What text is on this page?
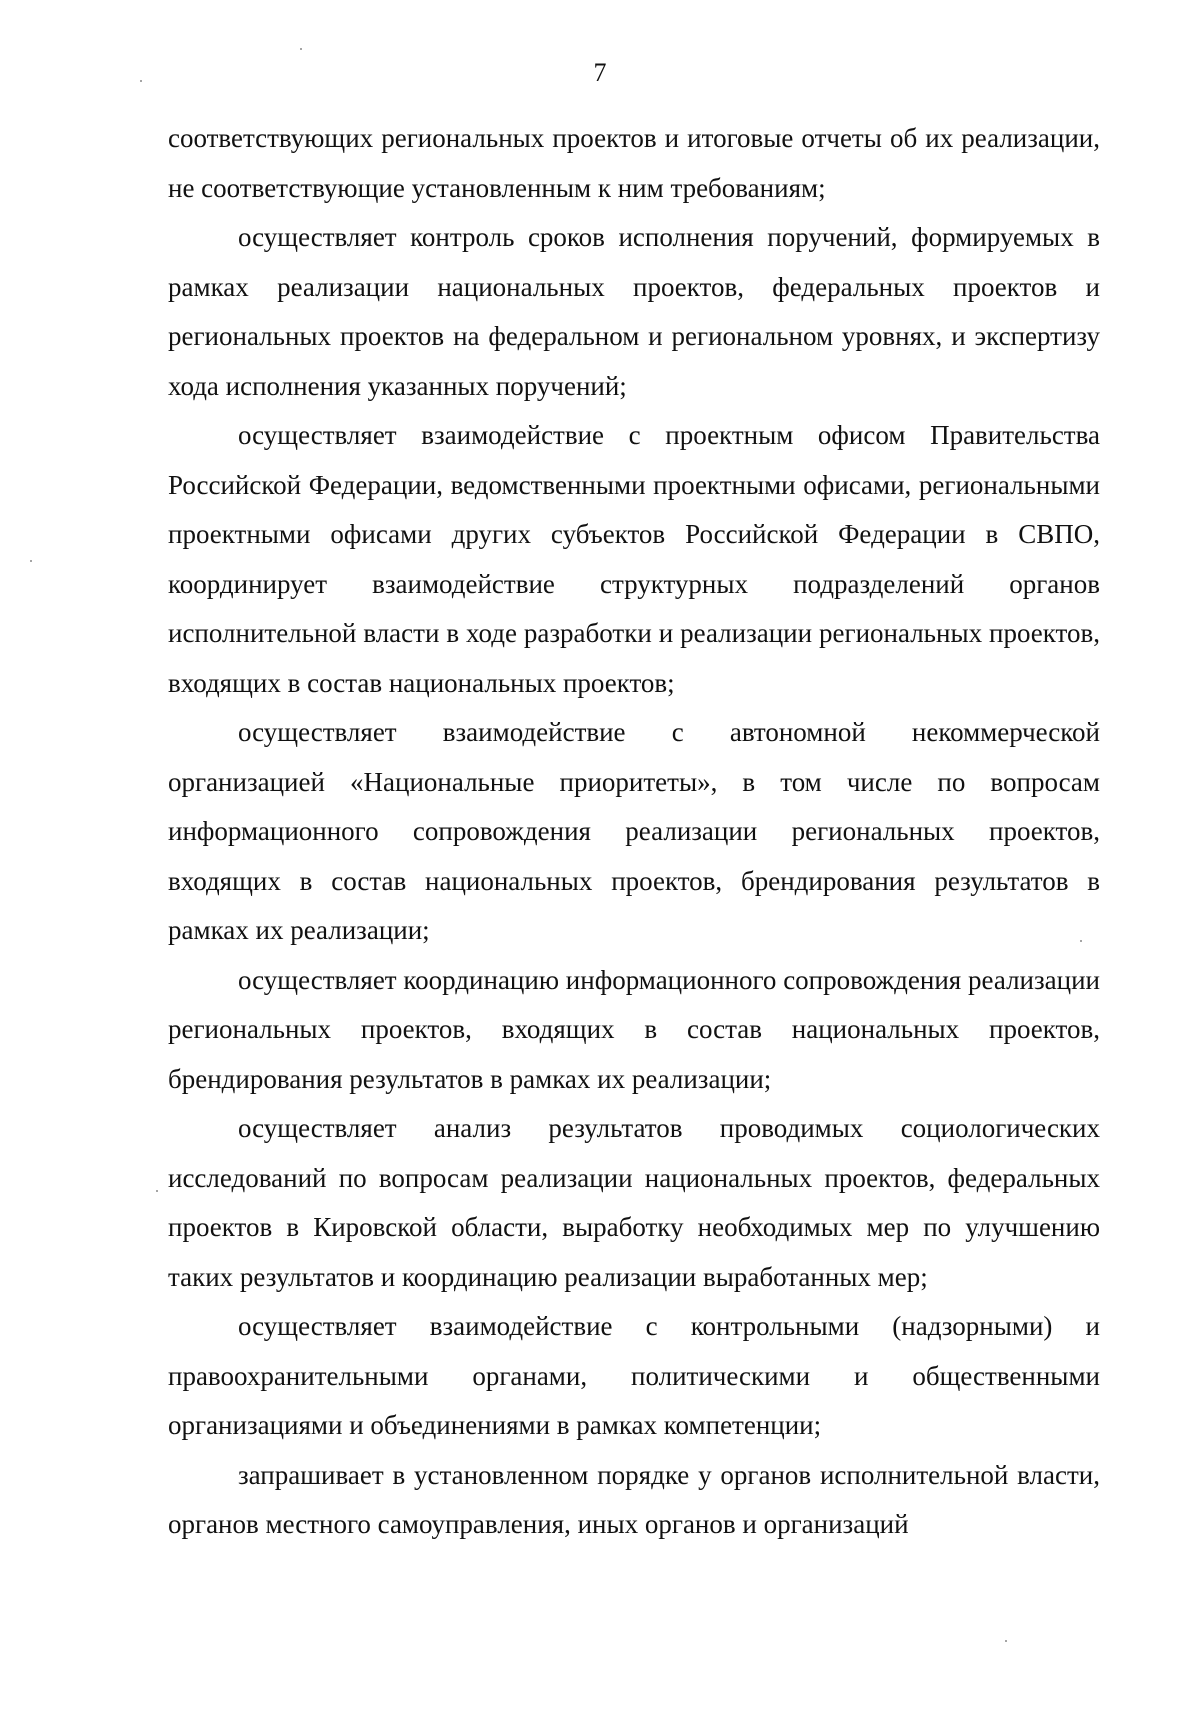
7

соответствующих региональных проектов и итоговые отчеты об их реализации, не соответствующие установленным к ним требованиям;

осуществляет контроль сроков исполнения поручений, формируемых в рамках реализации национальных проектов, федеральных проектов и региональных проектов на федеральном и региональном уровнях, и экспертизу хода исполнения указанных поручений;

осуществляет взаимодействие с проектным офисом Правительства Российской Федерации, ведомственными проектными офисами, региональными проектными офисами других субъектов Российской Федерации в СВПО, координирует взаимодействие структурных подразделений органов исполнительной власти в ходе разработки и реализации региональных проектов, входящих в состав национальных проектов;

осуществляет взаимодействие с автономной некоммерческой организацией «Национальные приоритеты», в том числе по вопросам информационного сопровождения реализации региональных проектов, входящих в состав национальных проектов, брендирования результатов в рамках их реализации;

осуществляет координацию информационного сопровождения реализации региональных проектов, входящих в состав национальных проектов, брендирования результатов в рамках их реализации;

осуществляет анализ результатов проводимых социологических исследований по вопросам реализации национальных проектов, федеральных проектов в Кировской области, выработку необходимых мер по улучшению таких результатов и координацию реализации выработанных мер;

осуществляет взаимодействие с контрольными (надзорными) и правоохранительными органами, политическими и общественными организациями и объединениями в рамках компетенции;

запрашивает в установленном порядке у органов исполнительной власти, органов местного самоуправления, иных органов и организаций
